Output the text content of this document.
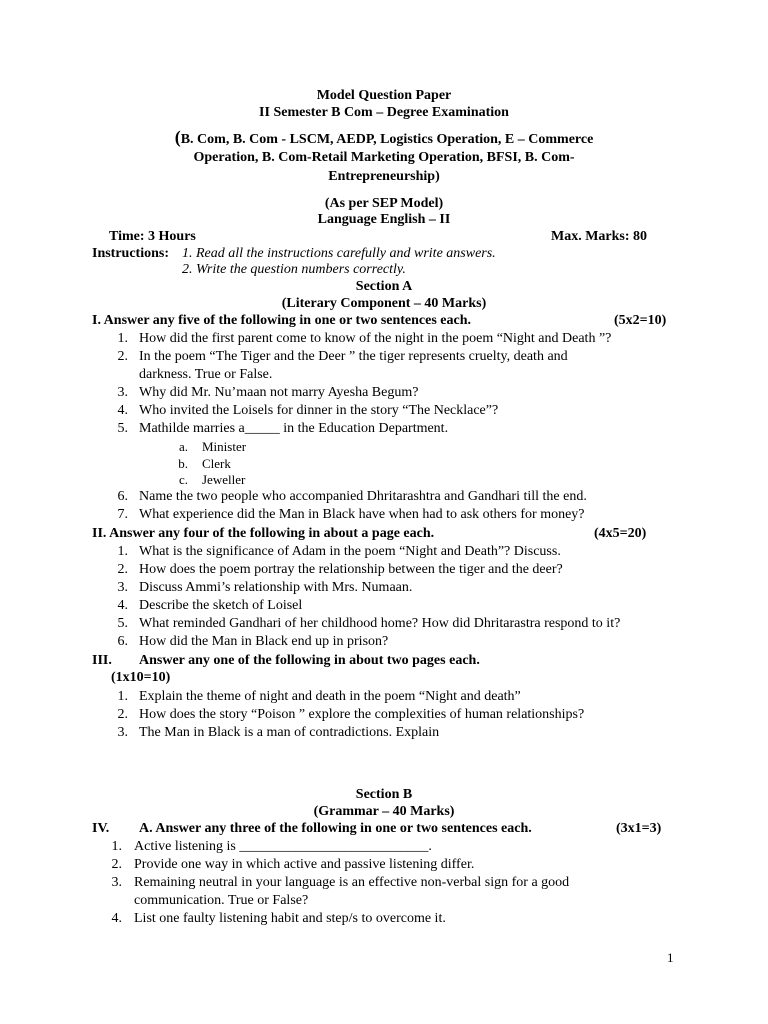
Model Question Paper
II Semester B Com – Degree Examination
(B. Com, B. Com - LSCM, AEDP, Logistics Operation, E – Commerce
Operation, B. Com-Retail Marketing Operation, BFSI, B. Com-
Entrepreneurship)
(As per SEP Model)
Language English – II
Time: 3 Hours	Max. Marks: 80
Instructions: 1. Read all the instructions carefully and write answers.
2. Write the question numbers correctly.
Section A
(Literary Component – 40 Marks)
I. Answer any five of the following in one or two sentences each.	(5x2=10)
1. How did the first parent come to know of the night in the poem “Night and Death ”?
2. In the poem “The Tiger and the Deer ” the tiger represents cruelty, death and
darkness. True or False.
3. Why did Mr. Nu’maan not marry Ayesha Begum?
4. Who invited the Loisels for dinner in the story “The Necklace”?
5. Mathilde marries a_____ in the Education Department.
a. Minister
b. Clerk
c. Jeweller
6. Name the two people who accompanied Dhritarashtra and Gandhari till the end.
7. What experience did the Man in Black have when had to ask others for money?
II. Answer any four of the following in about a page each.	(4x5=20)
1. What is the significance of Adam in the poem “Night and Death”? Discuss.
2. How does the poem portray the relationship between the tiger and the deer?
3. Discuss Ammi’s relationship with Mrs. Numaan.
4. Describe the sketch of Loisel
5. What reminded Gandhari of her childhood home? How did Dhritarastra respond to it?
6. How did the Man in Black end up in prison?
III. Answer any one of the following in about two pages each.
(1x10=10)
1. Explain the theme of night and death in the poem “Night and death”
2. How does the story “Poison ” explore the complexities of human relationships?
3. The Man in Black is a man of contradictions. Explain
Section B
(Grammar – 40 Marks)
IV. A. Answer any three of the following in one or two sentences each.	(3x1=3)
1. Active listening is ___________________________.
2. Provide one way in which active and passive listening differ.
3. Remaining neutral in your language is an effective non-verbal sign for a good
communication. True or False?
4. List one faulty listening habit and step/s to overcome it.
1
